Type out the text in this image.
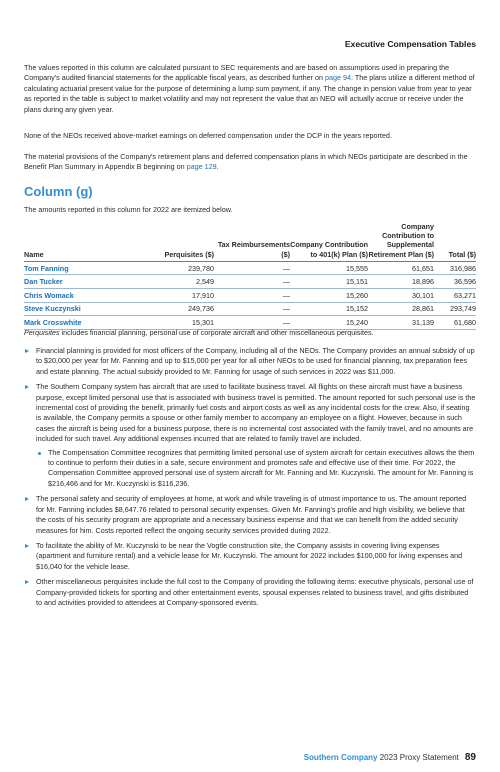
Executive Compensation Tables

The values reported in this column are calculated pursuant to SEC requirements and are based on assumptions used in preparing the Company's audited financial statements for the applicable fiscal years, as described further on page 94. The plans utilize a different method of calculating actuarial present value for the purpose of determining a lump sum payment, if any. The change in pension value from year to year as reported in the table is subject to market volatility and may not represent the value that an NEO will actually accrue or receive under the plans during any given year.

None of the NEOs received above-market earnings on deferred compensation under the DCP in the years reported.

The material provisions of the Company's retirement plans and deferred compensation plans in which NEOs participate are described in the Benefit Plan Summary in Appendix B beginning on page 129.

Column (g)
The amounts reported in this column for 2022 are itemized below.
Name	Perquisites ($)	Tax Reimbursements ($)	Company Contribution to 401(k) Plan ($)	Company Contribution to Supplemental Retirement Plan ($)	Total ($)
Tom Fanning	239,780	—	15,555	61,651	316,986
Dan Tucker	2,549	—	15,151	18,896	36,596
Chris Womack	17,910	—	15,260	30,101	63,271
Steve Kuczynski	249,736	—	15,152	28,861	293,749
Mark Crosswhite	15,301	—	15,240	31,139	61,680
Perquisites includes financial planning, personal use of corporate aircraft and other miscellaneous perquisites.
Financial planning is provided for most officers of the Company, including all of the NEOs. The Company provides an annual subsidy of up to $20,000 per year for Mr. Fanning and up to $15,000 per year for all other NEOs to be used for financial planning, tax preparation fees and estate planning. The actual subsidy provided to Mr. Fanning for usage of such services in 2022 was $11,000.
The Southern Company system has aircraft that are used to facilitate business travel. All flights on these aircraft must have a business purpose, except limited personal use that is associated with business travel is permitted. The amount reported for such personal use is the incremental cost of providing the benefit, primarily fuel costs and airport costs as well as any incidental costs for the crew. Also, if seating is available, the Company permits a spouse or other family member to accompany an employee on a flight. However, because in such cases the aircraft is being used for a business purpose, there is no incremental cost associated with the family travel, and no amounts are included for such travel. Any additional expenses incurred that are related to family travel are included.
The Compensation Committee recognizes that permitting limited personal use of system aircraft for certain executives allows the them to continue to perform their duties in a safe, secure environment and promotes safe and effective use of their time. For 2022, the Compensation Committee approved personal use of system aircraft for Mr. Fanning and Mr. Kuczynski. The amount for Mr. Fanning is $216,466 and for Mr. Kuczynski is $116,236.
The personal safety and security of employees at home, at work and while traveling is of utmost importance to us. The amount reported for Mr. Fanning includes $8,647.76 related to personal security expenses. Given Mr. Fanning's profile and high visibility, we believe that the costs of his security program are appropriate and a necessary business expense and that we can benefit from the added security measures for him. Costs reported reflect the ongoing security services provided during 2022.
To facilitate the ability of Mr. Kuczynski to be near the Vogtle construction site, the Company assists in covering living expenses (apartment and furniture rental) and a vehicle lease for Mr. Kuczynski. The amount for 2022 includes $100,000 for living expenses and $16,040 for the vehicle lease.
Other miscellaneous perquisites include the full cost to the Company of providing the following items: executive physicals, personal use of Company-provided tickets for sporting and other entertainment events, spousal expenses related to business travel, and gifts distributed to and activities provided to attendees at Company-sponsored events.
Southern Company 2023 Proxy Statement 89
